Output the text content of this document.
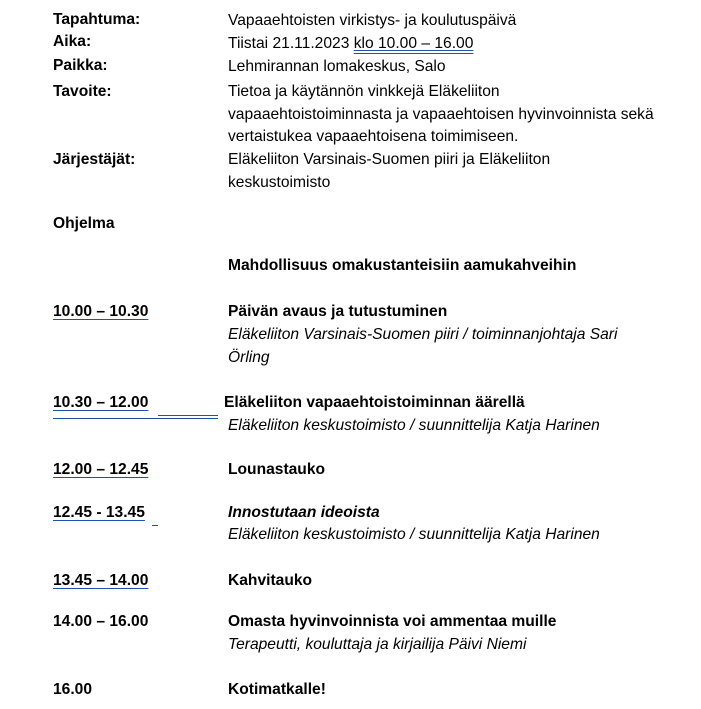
Tapahtuma:	Vapaaehtoisten virkistys- ja koulutuspäivä
Aika:	Tiistai 21.11.2023 klo 10.00 – 16.00
Paikka:	Lehmirannan lomakeskus, Salo
Tavoite:	Tietoa ja käytännön vinkkejä Eläkeliiton
vapaaehtoistoiminnasta ja vapaaehtoisen hyvinvoinnista sekä
vertaistukea vapaaehtoisena toimimiseen.
Järjestäjät:	Eläkeliiton Varsinais-Suomen piiri ja Eläkeliiton
keskustoimisto
Ohjelma
Mahdollisuus omakustanteisiin aamukahveihin
10.00 – 10.30	Päivän avaus ja tutustuminen
Eläkeliiton Varsinais-Suomen piiri / toiminnanjohtaja Sari
Örling
10.30 – 12.00	Eläkeliiton vapaaehtoistoiminnan äärellä
Eläkeliiton keskustoimisto / suunnittelija Katja Harinen
12.00 – 12.45	Lounastauko
12.45 - 13.45	Innostutaan ideoista
Eläkeliiton keskustoimisto / suunnittelija Katja Harinen
13.45 – 14.00	Kahvitauko
14.00 – 16.00	Omasta hyvinvoinnista voi ammentaa muille
Terapeutti, kouluttaja ja kirjailija Päivi Niemi
16.00	Kotimatkalle!
